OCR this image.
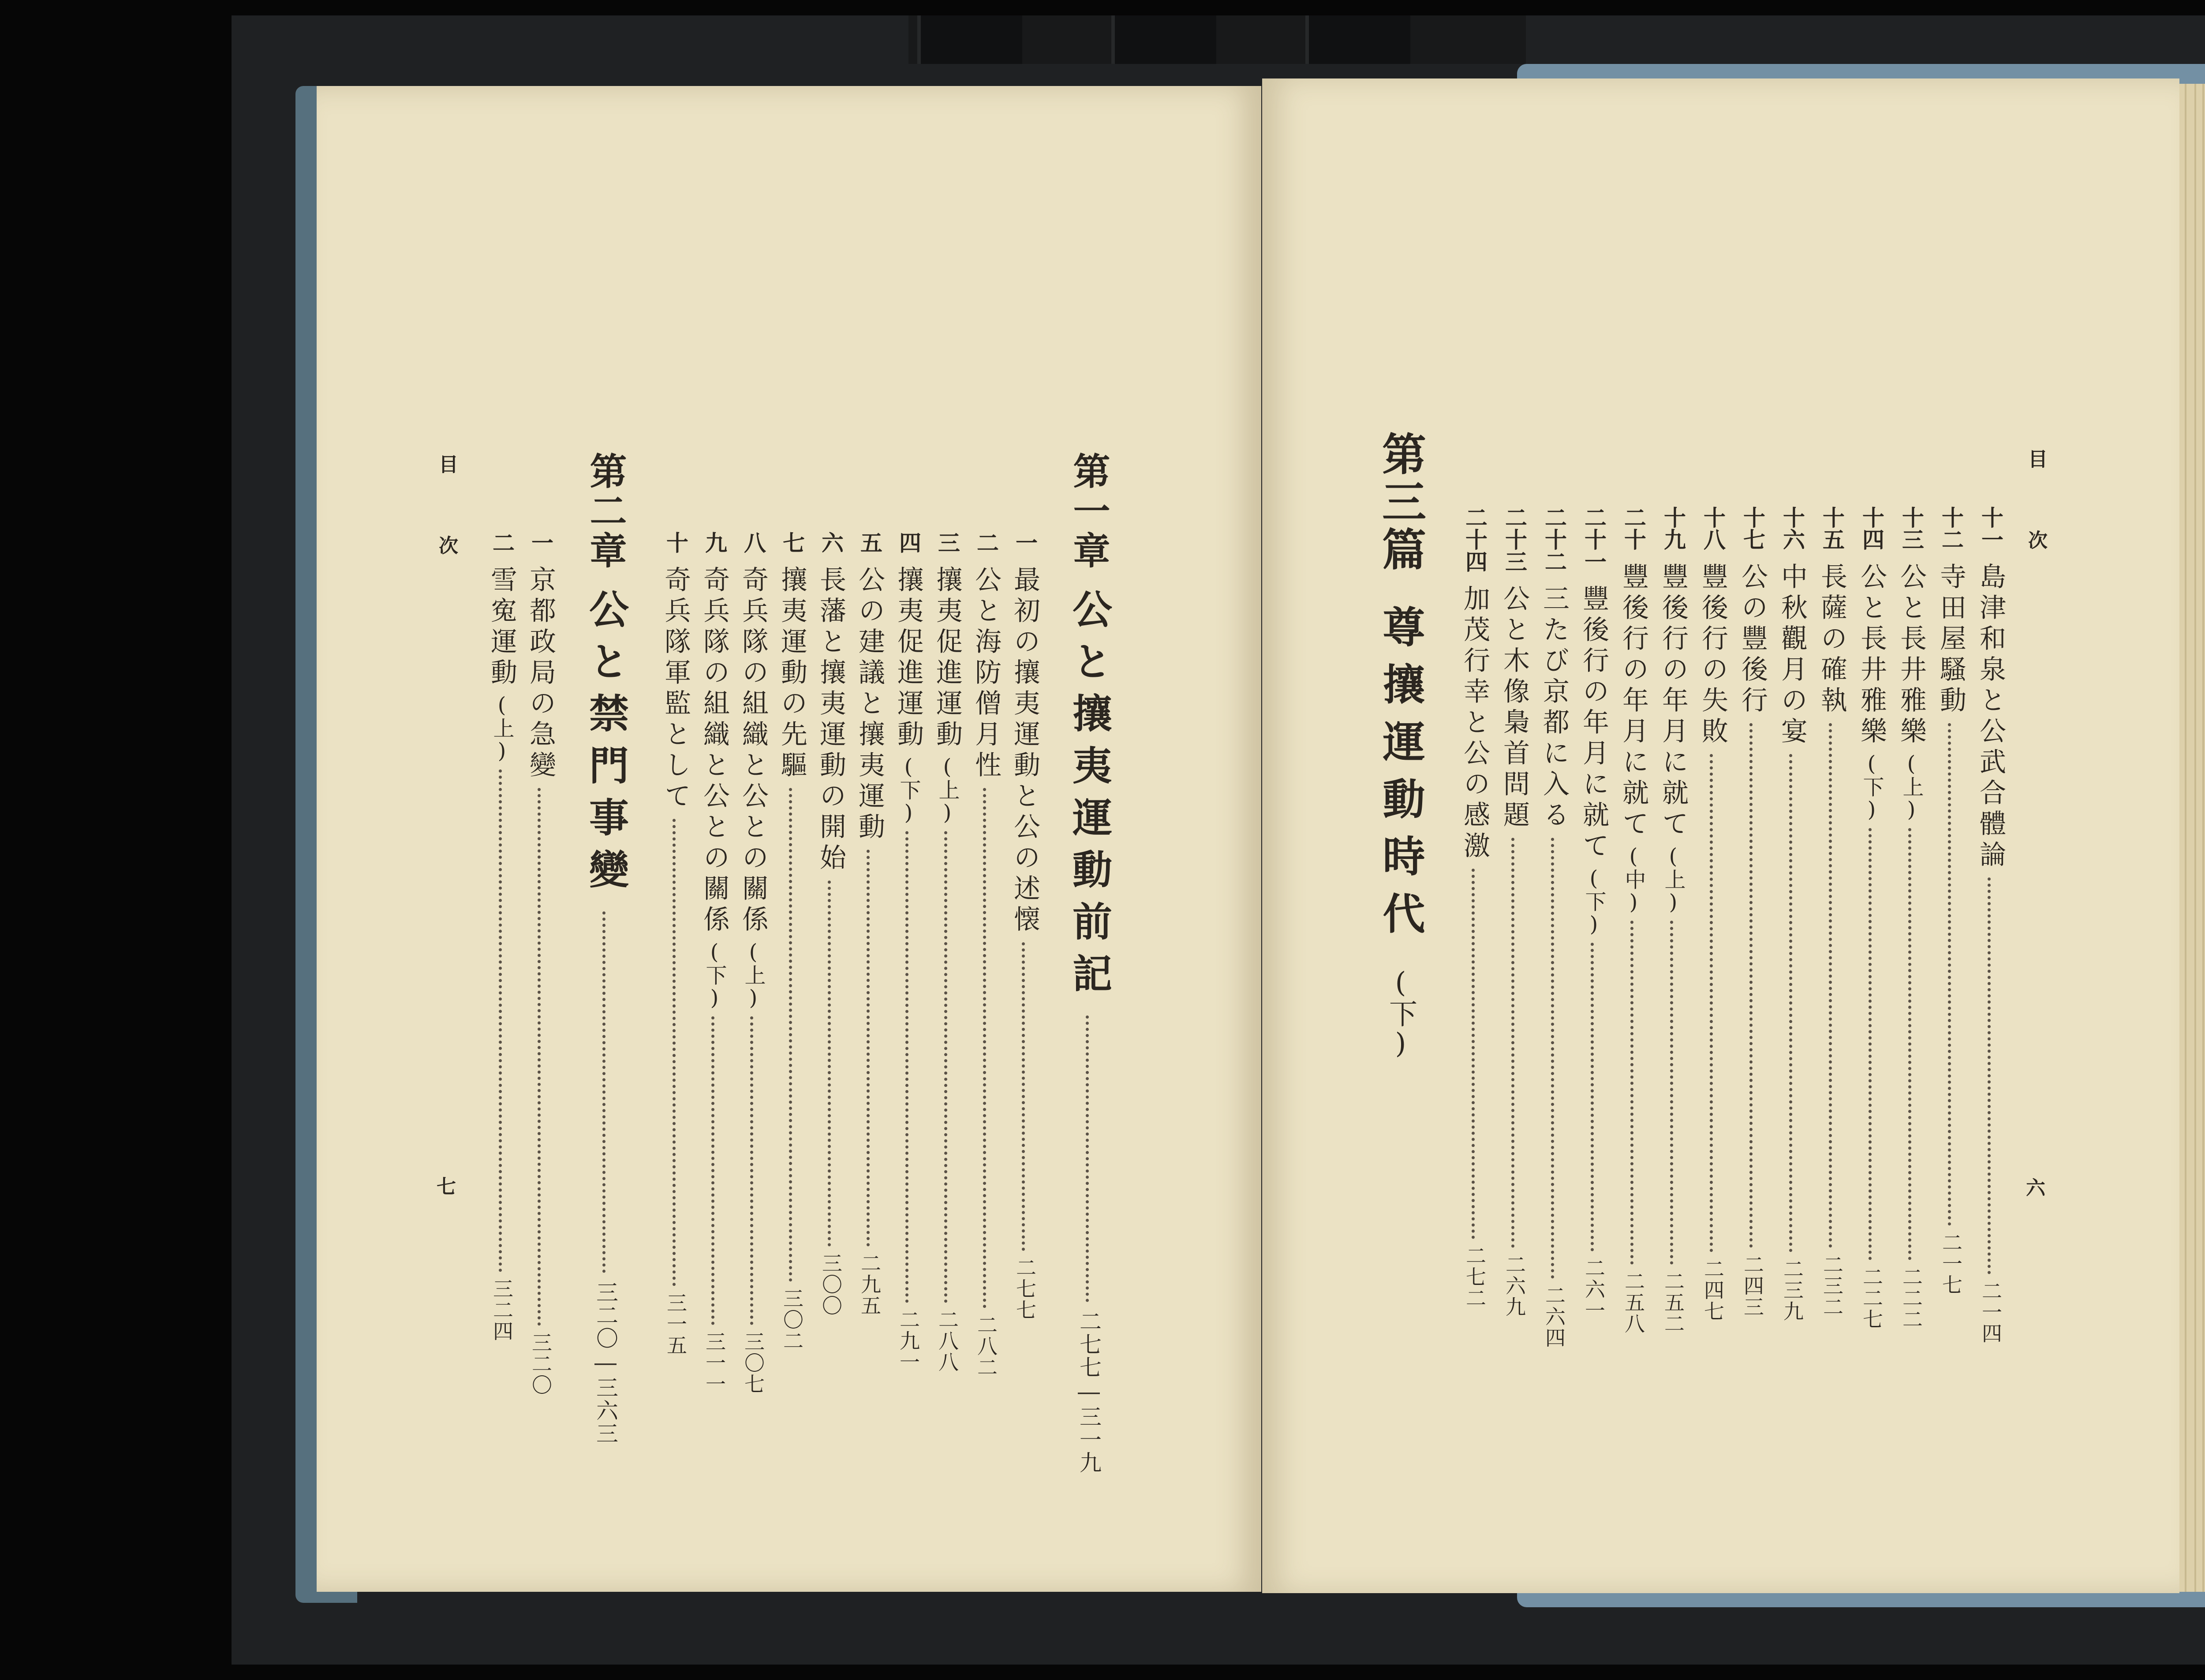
目次
七
第一章
公と攘夷運動前記
二七七―三一九
一
最初の攘夷運動と公の述懐
二七七
二
公と海防僧月性
二八二
三
攘夷促進運動
(上)
二八八
四
攘夷促進運動
(下)
二九一
五
公の建議と攘夷運動
二九五
六
長藩と攘夷運動の開始
三〇〇
七
攘夷運動の先驅
三〇二
八
奇兵隊の組織と公との關係
(上)
三〇七
九
奇兵隊の組織と公との關係
(下)
三一一
十
奇兵隊軍監として
三一五
第二章
公と禁門事變
三二〇―三六三
一
京都政局の急變
三二〇
二
雪寃運動
(上)
三二四
目次
六
十一
島津和泉と公武合體論
二一四
十二
寺田屋騷動
二一七
十三
公と長井雅樂
(上)
二二二
十四
公と長井雅樂
(下)
二二七
十五
長薩の確執
二三二
十六
中秋觀月の宴
二三九
十七
公の豐後行
二四三
十八
豐後行の失敗
二四七
十九
豐後行の年月に就て
(上)
二五二
二十
豐後行の年月に就て
(中)
二五八
二十一
豐後行の年月に就て
(下)
二六一
二十二
三たび京都に入る
二六四
二十三
公と木像梟首問題
二六九
二十四
加茂行幸と公の感激
二七二
第三篇
尊攘運動時代
(下)
